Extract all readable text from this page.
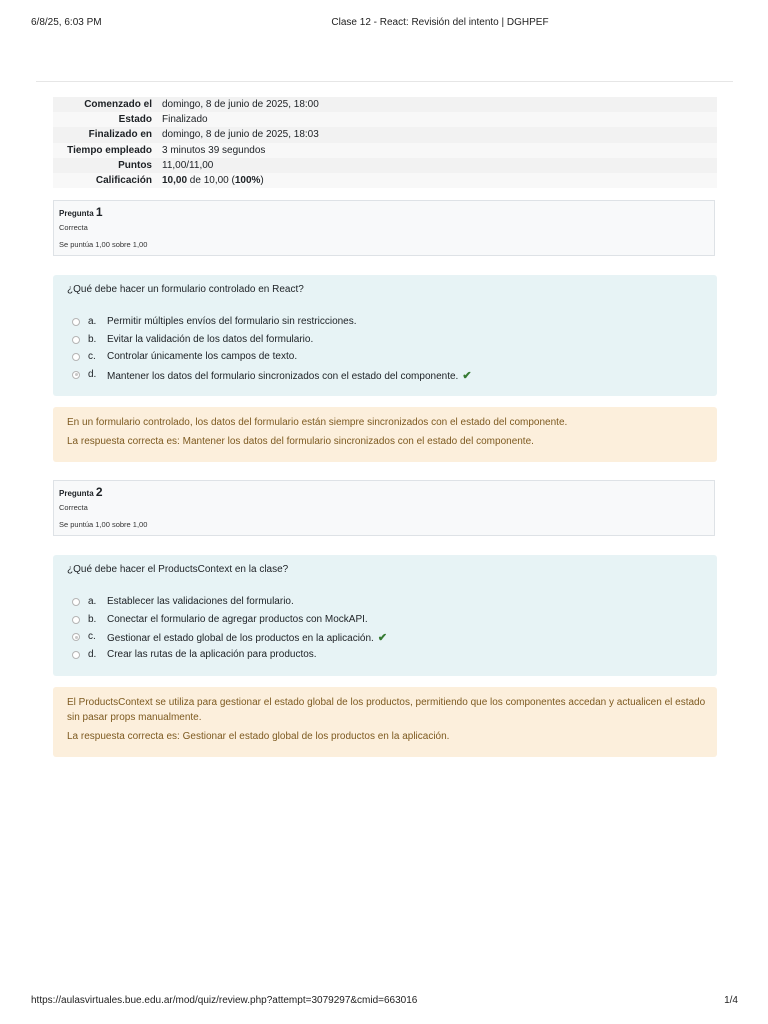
6/8/25, 6:03 PM	Clase 12 - React: Revisión del intento | DGHPEF
Comenzado el	domingo, 8 de junio de 2025, 18:00
Estado	Finalizado
Finalizado en	domingo, 8 de junio de 2025, 18:03
Tiempo empleado	3 minutos 39 segundos
Puntos	11,00/11,00
Calificación	10,00 de 10,00 (100%)
Pregunta 1
Correcta
Se puntúa 1,00 sobre 1,00
¿Qué debe hacer un formulario controlado en React?
a. Permitir múltiples envíos del formulario sin restricciones.
b. Evitar la validación de los datos del formulario.
c. Controlar únicamente los campos de texto.
d. Mantener los datos del formulario sincronizados con el estado del componente. ✔
En un formulario controlado, los datos del formulario están siempre sincronizados con el estado del componente.
La respuesta correcta es: Mantener los datos del formulario sincronizados con el estado del componente.
Pregunta 2
Correcta
Se puntúa 1,00 sobre 1,00
¿Qué debe hacer el ProductsContext en la clase?
a. Establecer las validaciones del formulario.
b. Conectar el formulario de agregar productos con MockAPI.
c. Gestionar el estado global de los productos en la aplicación. ✔
d. Crear las rutas de la aplicación para productos.
El ProductsContext se utiliza para gestionar el estado global de los productos, permitiendo que los componentes accedan y actualicen el estado sin pasar props manualmente.
La respuesta correcta es: Gestionar el estado global de los productos en la aplicación.
https://aulasvirtuales.bue.edu.ar/mod/quiz/review.php?attempt=3079297&cmid=663016	1/4
